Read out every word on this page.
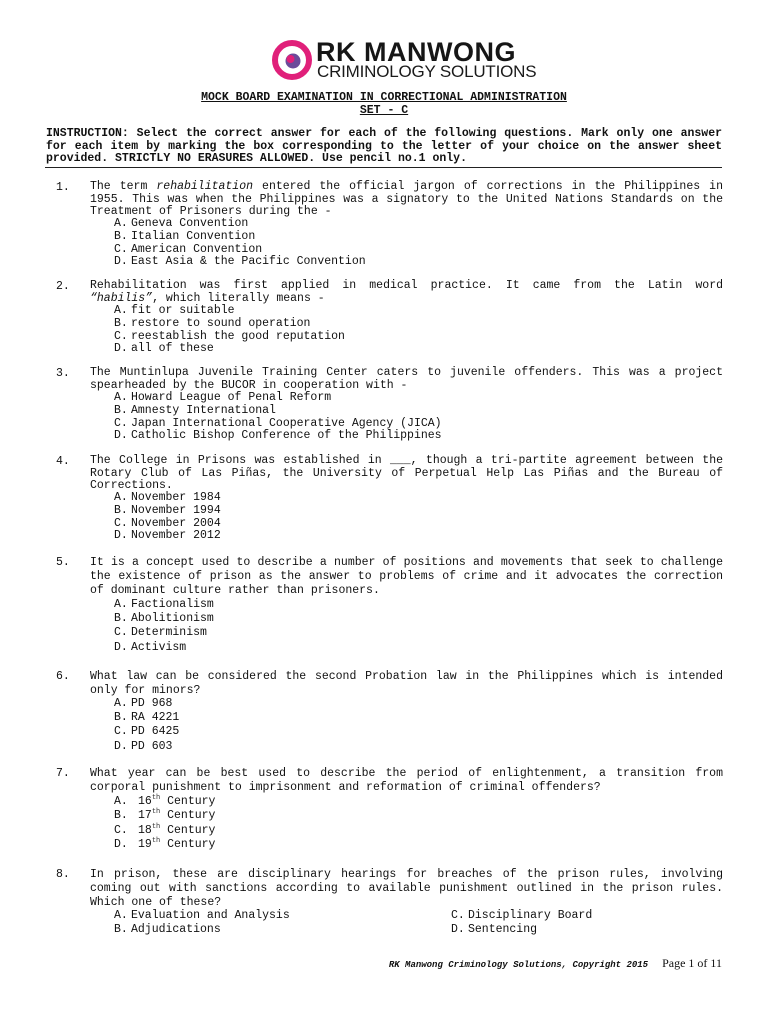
RK MANWONG
CRIMINOLOGY SOLUTIONS
MOCK BOARD EXAMINATION IN CORRECTIONAL ADMINISTRATION
SET - C
INSTRUCTION: Select the correct answer for each of the following questions. Mark only one answer for each item by marking the box corresponding to the letter of your choice on the answer sheet provided. STRICTLY NO ERASURES ALLOWED. Use pencil no.1 only.
1. The term rehabilitation entered the official jargon of corrections in the Philippines in 1955. This was when the Philippines was a signatory to the United Nations Standards on the Treatment of Prisoners during the -
A. Geneva Convention
B. Italian Convention
C. American Convention
D. East Asia & the Pacific Convention
2. Rehabilitation was first applied in medical practice. It came from the Latin word “habilis”, which literally means -
A. fit or suitable
B. restore to sound operation
C. reestablish the good reputation
D. all of these
3. The Muntinlupa Juvenile Training Center caters to juvenile offenders. This was a project spearheaded by the BUCOR in cooperation with -
A. Howard League of Penal Reform
B. Amnesty International
C. Japan International Cooperative Agency (JICA)
D. Catholic Bishop Conference of the Philippines
4. The College in Prisons was established in ___, though a tri-partite agreement between the Rotary Club of Las Piñas, the University of Perpetual Help Las Piñas and the Bureau of Corrections.
A. November 1984
B. November 1994
C. November 2004
D. November 2012
5. It is a concept used to describe a number of positions and movements that seek to challenge the existence of prison as the answer to problems of crime and it advocates the correction of dominant culture rather than prisoners.
A. Factionalism
B. Abolitionism
C. Determinism
D. Activism
6. What law can be considered the second Probation law in the Philippines which is intended only for minors?
A. PD 968
B. RA 4221
C. PD 6425
D. PD 603
7. What year can be best used to describe the period of enlightenment, a transition from corporal punishment to imprisonment and reformation of criminal offenders?
A. 16th Century
B. 17th Century
C. 18th Century
D. 19th Century
8. In prison, these are disciplinary hearings for breaches of the prison rules, involving coming out with sanctions according to available punishment outlined in the prison rules. Which one of these?
A. Evaluation and Analysis	C. Disciplinary Board
B. Adjudications	D. Sentencing
RK Manwong Criminology Solutions, Copyright 2015 Page 1 of 11
